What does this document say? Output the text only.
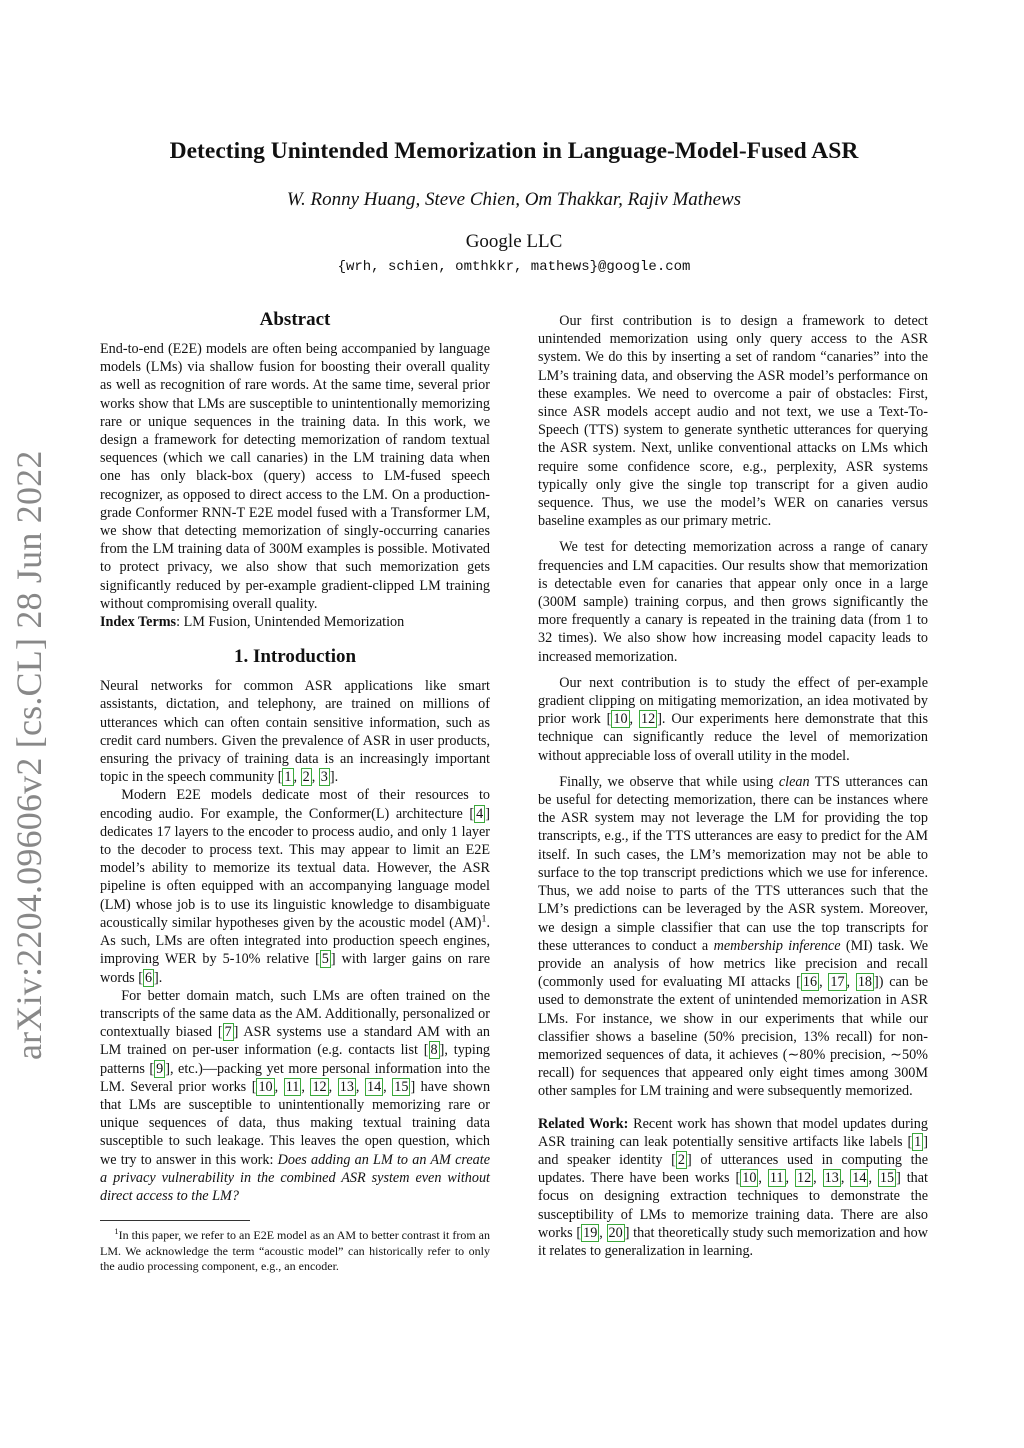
arXiv:2204.09606v2 [cs.CL] 28 Jun 2022
Detecting Unintended Memorization in Language-Model-Fused ASR
W. Ronny Huang, Steve Chien, Om Thakkar, Rajiv Mathews
Google LLC
{wrh, schien, omthkkr, mathews}@google.com
Abstract

End-to-end (E2E) models are often being accompanied by language models (LMs) via shallow fusion for boosting their overall quality as well as recognition of rare words. At the same time, several prior works show that LMs are susceptible to unintentionally memorizing rare or unique sequences in the training data. In this work, we design a framework for detecting memorization of random textual sequences (which we call canaries) in the LM training data when one has only black-box (query) access to LM-fused speech recognizer, as opposed to direct access to the LM. On a production-grade Conformer RNN-T E2E model fused with a Transformer LM, we show that detecting memorization of singly-occurring canaries from the LM training data of 300M examples is possible. Motivated to protect privacy, we also show that such memorization gets significantly reduced by per-example gradient-clipped LM training without compromising overall quality.

Index Terms: LM Fusion, Unintended Memorization

1. Introduction

Neural networks for common ASR applications like smart assistants, dictation, and telephony, are trained on millions of utterances which can often contain sensitive information, such as credit card numbers. Given the prevalence of ASR in user products, ensuring the privacy of training data is an increasingly important topic in the speech community [ 1 , 2 , 3 ].

Modern E2E models dedicate most of their resources to encoding audio. For example, the Conformer(L) architecture [ 4 ] dedicates 17 layers to the encoder to process audio, and only 1 layer to the decoder to process text. This may appear to limit an E2E model’s ability to memorize its textual data. However, the ASR pipeline is often equipped with an accompanying language model (LM) whose job is to use its linguistic knowledge to disambiguate acoustically similar hypotheses given by the acoustic model (AM)$^1$. As such, LMs are often integrated into production speech engines, improving WER by 5-10% relative [ 5 ] with larger gains on rare words [ 6 ].

For better domain match, such LMs are often trained on the transcripts of the same data as the AM. Additionally, personalized or contextually biased [ 7 ] ASR systems use a standard AM with an LM trained on per-user information (e.g. contacts list [ 8 ], typing patterns [ 9 ], etc.)—packing yet more personal information into the LM. Several prior works [ 10 , 11 , 12 , 13 , 14 , 15 ] have shown that LMs are susceptible to unintentionally memorizing rare or unique sequences of data, thus making textual training data susceptible to such leakage. This leaves the open question, which we try to answer in this work: Does adding an LM to an AM create a privacy vulnerability in the combined ASR system even without direct access to the LM?

$^1$In this paper, we refer to an E2E model as an AM to better contrast it from an LM. We acknowledge the term “acoustic model” can historically refer to only the audio processing component, e.g., an encoder.

Our first contribution is to design a framework to detect unintended memorization using only query access to the ASR system. We do this by inserting a set of random “canaries” into the LM’s training data, and observing the ASR model’s performance on these examples. We need to overcome a pair of obstacles: First, since ASR models accept audio and not text, we use a Text-To-Speech (TTS) system to generate synthetic utterances for querying the ASR system. Next, unlike conventional attacks on LMs which require some confidence score, e.g., perplexity, ASR systems typically only give the single top transcript for a given audio sequence. Thus, we use the model’s WER on canaries versus baseline examples as our primary metric.

We test for detecting memorization across a range of canary frequencies and LM capacities. Our results show that memorization is detectable even for canaries that appear only once in a large (300M sample) training corpus, and then grows significantly the more frequently a canary is repeated in the training data (from 1 to 32 times). We also show how increasing model capacity leads to increased memorization.

Our next contribution is to study the effect of per-example gradient clipping on mitigating memorization, an idea motivated by prior work [ 10 , 12 ]. Our experiments here demonstrate that this technique can significantly reduce the level of memorization without appreciable loss of overall utility in the model.

Finally, we observe that while using clean TTS utterances can be useful for detecting memorization, there can be instances where the ASR system may not leverage the LM for providing the top transcripts, e.g., if the TTS utterances are easy to predict for the AM itself. In such cases, the LM’s memorization may not be able to surface to the top transcript predictions which we use for inference. Thus, we add noise to parts of the TTS utterances such that the LM’s predictions can be leveraged by the ASR system. Moreover, we design a simple classifier that can use the top transcripts for these utterances to conduct a membership inference (MI) task. We provide an analysis of how metrics like precision and recall (commonly used for evaluating MI attacks [ 16 , 17 , 18 ]) can be used to demonstrate the extent of unintended memorization in ASR LMs. For instance, we show in our experiments that while our classifier shows a baseline (50% precision, 13% recall) for non-memorized sequences of data, it achieves (∼80% precision, ∼50% recall) for sequences that appeared only eight times among 300M other samples for LM training and were subsequently memorized.

Related Work: Recent work has shown that model updates during ASR training can leak potentially sensitive artifacts like labels [ 1 ] and speaker identity [ 2 ] of utterances used in computing the updates. There have been works [ 10 , 11 , 12 , 13 , 14 , 15 ] that focus on designing extraction techniques to demonstrate the susceptibility of LMs to memorize training data. There are also works [ 19 , 20 ] that theoretically study such memorization and how it relates to generalization in learning.
